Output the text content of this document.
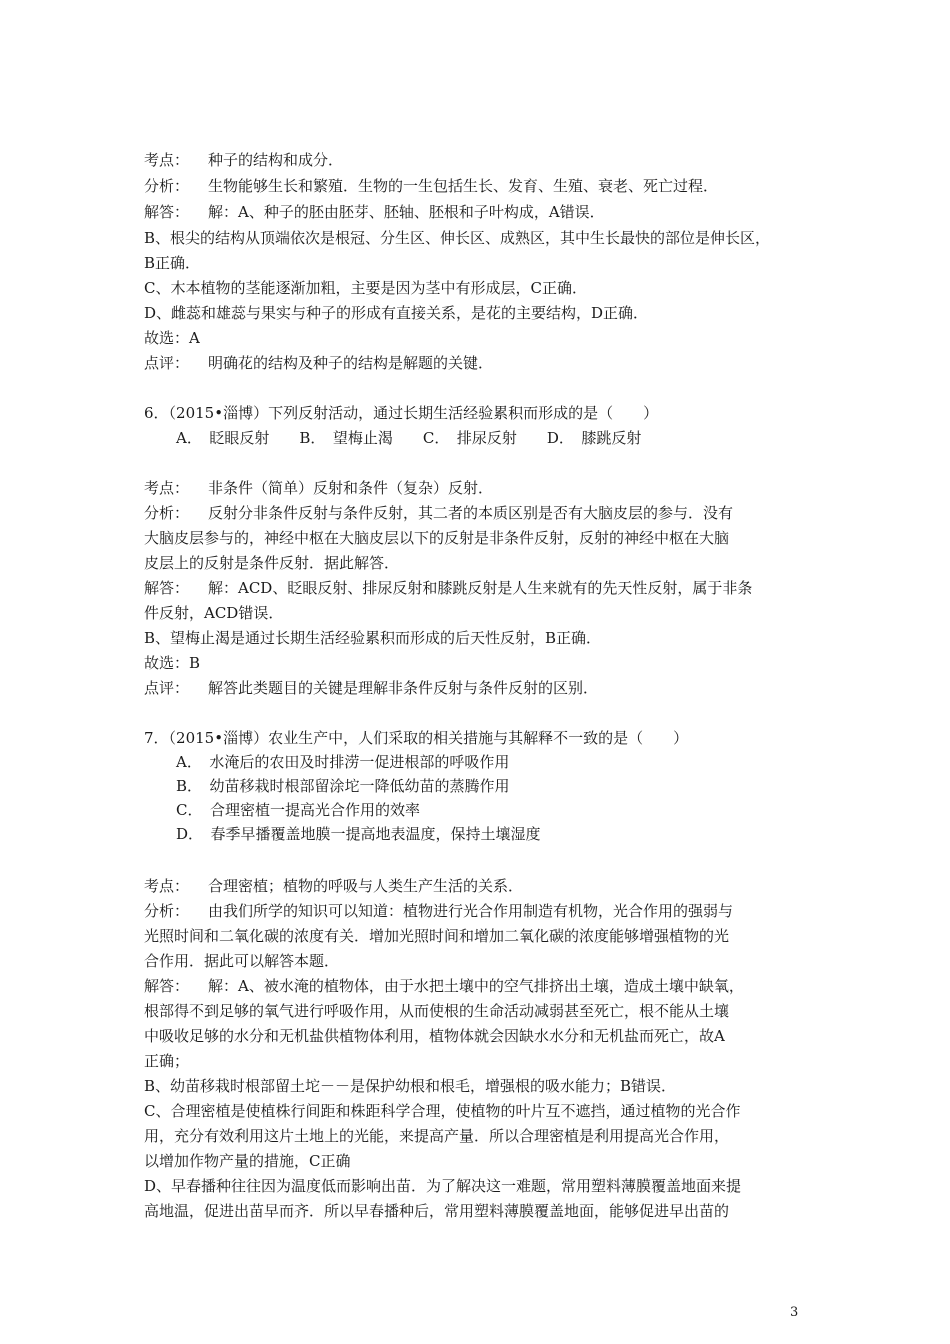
考点： 种子的结构和成分．
分析： 生物能够生长和繁殖．生物的一生包括生长、发育、生殖、衰老、死亡过程．
解答： 解：A、种子的胚由胚芽、胚轴、胚根和子叶构成，A错误．
B、根尖的结构从顶端依次是根冠、分生区、伸长区、成熟区，其中生长最快的部位是伸长区，
B正确．
C、木本植物的茎能逐渐加粗，主要是因为茎中有形成层，C正确．
D、雌蕊和雄蕊与果实与种子的形成有直接关系，是花的主要结构，D正确．
故选：A
点评： 明确花的结构及种子的结构是解题的关键．
6．（2015•淄博）下列反射活动，通过长期生活经验累积而形成的是（　　）
A．　眨眼反射　　B．　望梅止渴　　C．　排尿反射　　D．　膝跳反射
考点： 非条件（简单）反射和条件（复杂）反射．
分析： 反射分非条件反射与条件反射，其二者的本质区别是否有大脑皮层的参与．没有
大脑皮层参与的，神经中枢在大脑皮层以下的反射是非条件反射，反射的神经中枢在大脑
皮层上的反射是条件反射．据此解答．
解答： 解：ACD、眨眼反射、排尿反射和膝跳反射是人生来就有的先天性反射，属于非条
件反射，ACD错误．
B、望梅止渴是通过长期生活经验累积而形成的后天性反射，B正确．
故选：B
点评： 解答此类题目的关键是理解非条件反射与条件反射的区别．
7．（2015•淄博）农业生产中，人们采取的相关措施与其解释不一致的是（　　）
A．　水淹后的农田及时排涝一促进根部的呼吸作用
B．　幼苗移栽时根部留涂坨一降低幼苗的蒸腾作用
C．　合理密植一提高光合作用的效率
D．　春季早播覆盖地膜一提高地表温度，保持土壤湿度
考点： 合理密植；植物的呼吸与人类生产生活的关系．
分析： 由我们所学的知识可以知道：植物进行光合作用制造有机物，光合作用的强弱与
光照时间和二氧化碳的浓度有关．增加光照时间和增加二氧化碳的浓度能够增强植物的光
合作用．据此可以解答本题．
解答： 解：A、被水淹的植物体，由于水把土壤中的空气排挤出土壤，造成土壤中缺氧，
根部得不到足够的氧气进行呼吸作用，从而使根的生命活动减弱甚至死亡，根不能从土壤
中吸收足够的水分和无机盐供植物体利用，植物体就会因缺水水分和无机盐而死亡，故A
正确；
B、幼苗移栽时根部留土坨－－是保护幼根和根毛，增强根的吸水能力；B错误．
C、合理密植是使植株行间距和株距科学合理，使植物的叶片互不遮挡，通过植物的光合作
用，充分有效利用这片土地上的光能，来提高产量．所以合理密植是利用提高光合作用，
以增加作物产量的措施，C正确
D、早春播种往往因为温度低而影响出苗．为了解决这一难题，常用塑料薄膜覆盖地面来提
高地温，促进出苗早而齐．所以早春播种后，常用塑料薄膜覆盖地面，能够促进早出苗的
3
